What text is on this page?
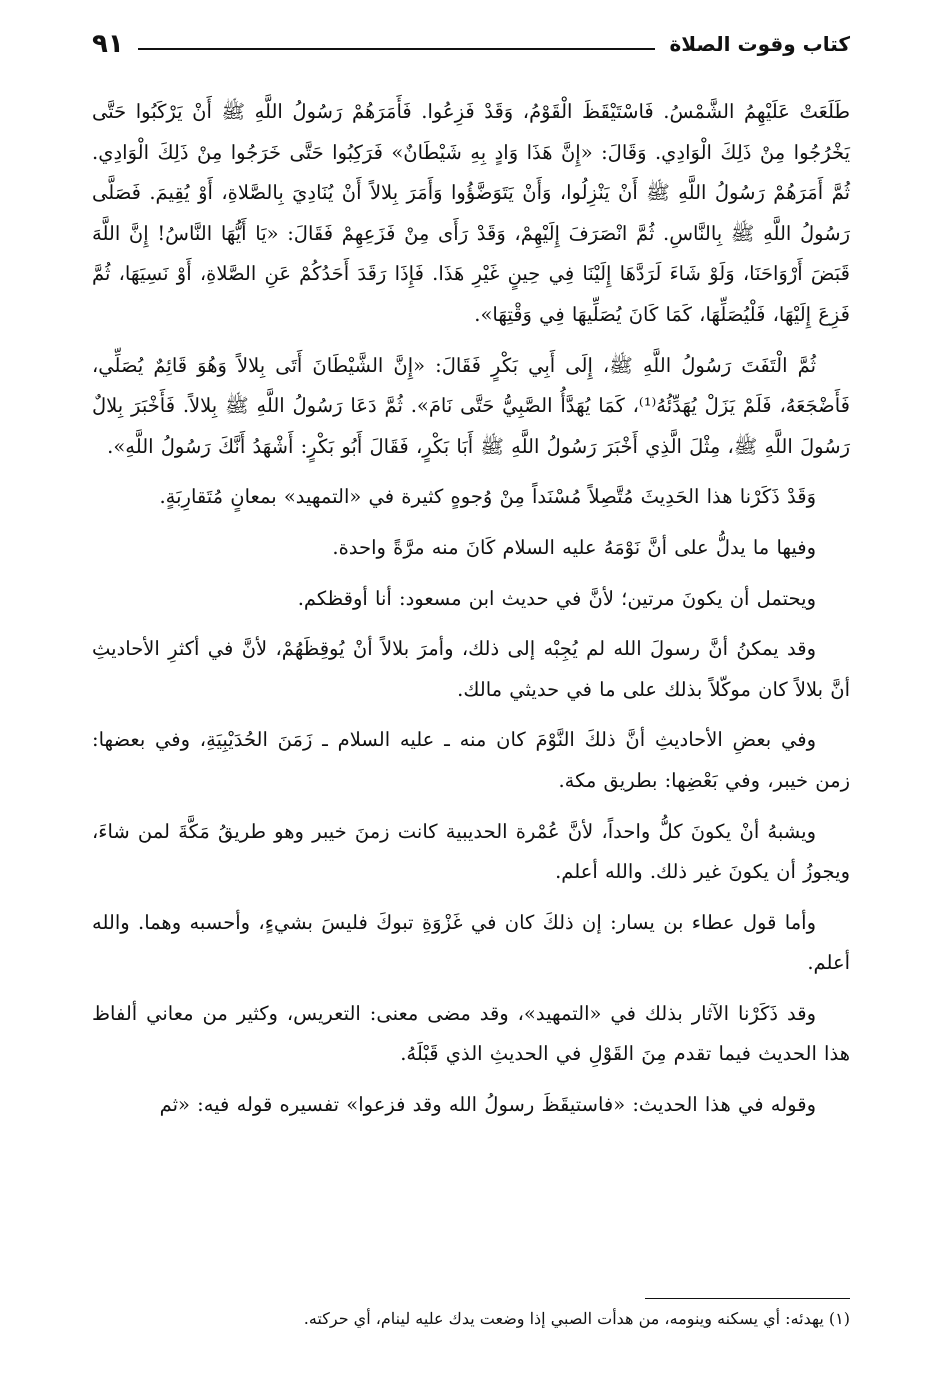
كتاب وقوت الصلاة
٩١

طَلَعَتْ عَلَيْهِمُ الشَّمْسُ. فَاسْتَيْقَظَ الْقَوْمُ، وَقَدْ فَزِعُوا. فَأَمَرَهُمْ رَسُولُ اللَّهِ ﷺ أَنْ يَرْكَبُوا حَتَّى يَخْرُجُوا مِنْ ذَلِكَ الْوَادِي. وَقَالَ: «إِنَّ هَذَا وَادٍ بِهِ شَيْطَانٌ» فَرَكِبُوا حَتَّى خَرَجُوا مِنْ ذَلِكَ الْوَادِي. ثُمَّ أَمَرَهُمْ رَسُولُ اللَّهِ ﷺ أَنْ يَنْزِلُوا، وَأَنْ يَتَوَضَّؤُوا وَأَمَرَ بِلالاً أَنْ يُنَادِيَ بِالصَّلاةِ، أَوْ يُقِيمَ. فَصَلَّى رَسُولُ اللَّهِ ﷺ بِالنَّاسِ. ثُمَّ انْصَرَفَ إِلَيْهِمْ، وَقَدْ رَأَى مِنْ فَزَعِهِمْ فَقَالَ: «يَا أَيُّهَا النَّاسُ! إِنَّ اللَّهَ قَبَضَ أَرْوَاحَنَا، وَلَوْ شَاءَ لَرَدَّهَا إِلَيْنَا فِي حِينٍ غَيْرِ هَذَا. فَإِذَا رَقَدَ أَحَدُكُمْ عَنِ الصَّلاةِ، أَوْ نَسِيَهَا، ثُمَّ فَزِعَ إِلَيْهَا، فَلْيُصَلِّهَا، كَمَا كَانَ يُصَلِّيهَا فِي وَقْتِهَا».

ثُمَّ الْتَفَتَ رَسُولُ اللَّهِ ﷺ، إِلَى أَبِي بَكْرٍ فَقَالَ: «إِنَّ الشَّيْطَانَ أَتَى بِلالاً وَهُوَ قَائِمٌ يُصَلِّي، فَأَضْجَعَهُ، فَلَمْ يَزَلْ يُهَدِّئُهُ⁽¹⁾، كَمَا يُهَدَّأُ الصَّبِيُّ حَتَّى نَامَ». ثُمَّ دَعَا رَسُولُ اللَّهِ ﷺ بِلالاً. فَأَخْبَرَ بِلالٌ رَسُولَ اللَّهِ ﷺ، مِثْلَ الَّذِي أَخْبَرَ رَسُولُ اللَّهِ ﷺ أَبَا بَكْرٍ، فَقَالَ أَبُو بَكْرٍ: أَشْهَدُ أَنَّكَ رَسُولُ اللَّهِ».

وَقَدْ ذَكَرْنا هذا الحَدِيثَ مُتَّصِلاً مُسْنَداً مِنْ وُجوهٍ كثيرة في «التمهيد» بمعانٍ مُتَقارِبَةٍ.

وفيها ما يدلُّ على أنَّ نَوْمَهُ عليه السلام كَانَ منه مرَّةً واحدة.

ويحتمل أن يكونَ مرتين؛ لأنَّ في حديث ابن مسعود: أنا أوقظكم.

وقد يمكنُ أنَّ رسولَ الله لم يُجِبْه إلى ذلك، وأمرَ بلالاً أنْ يُوقِظَهُمْ، لأنَّ في أكثرِ الأحاديثِ أنَّ بلالاً كان موكّلاً بذلك على ما في حديثي مالك.

وفي بعضِ الأحاديثِ أنَّ ذلكَ النَّوْمَ كان منه ـ عليه السلام ـ زَمَنَ الحُدَيْبِيَةِ، وفي بعضها: زمن خيبر، وفي بَعْضِها: بطريق مكة.

ويشبهُ أنْ يكونَ كلُّ واحداً، لأنَّ عُمْرة الحديبية كانت زمنَ خيبر وهو طريقُ مَكَّةَ لمن شاءَ، ويجوزُ أن يكونَ غير ذلك. والله أعلم.

وأما قول عطاء بن يسار: إن ذلكَ كان في غَزْوَةِ تبوكَ فليسَ بشيءٍ، وأحسبه وهما. والله أعلم.

وقد ذَكَرْنا الآثار بذلك في «التمهيد»، وقد مضى معنى: التعريس، وكثير من معاني ألفاظ هذا الحديث فيما تقدم مِنَ القَوْلِ في الحديثِ الذي قَبْلَهُ.

وقوله في هذا الحديث: «فاستيقَظَ رسولُ الله وقد فزعوا» تفسيره قوله فيه: «ثم

(١) يهدئه: أي يسكنه وينومه، من هدأت الصبي إذا وضعت يدك عليه لينام، أي حركته.
